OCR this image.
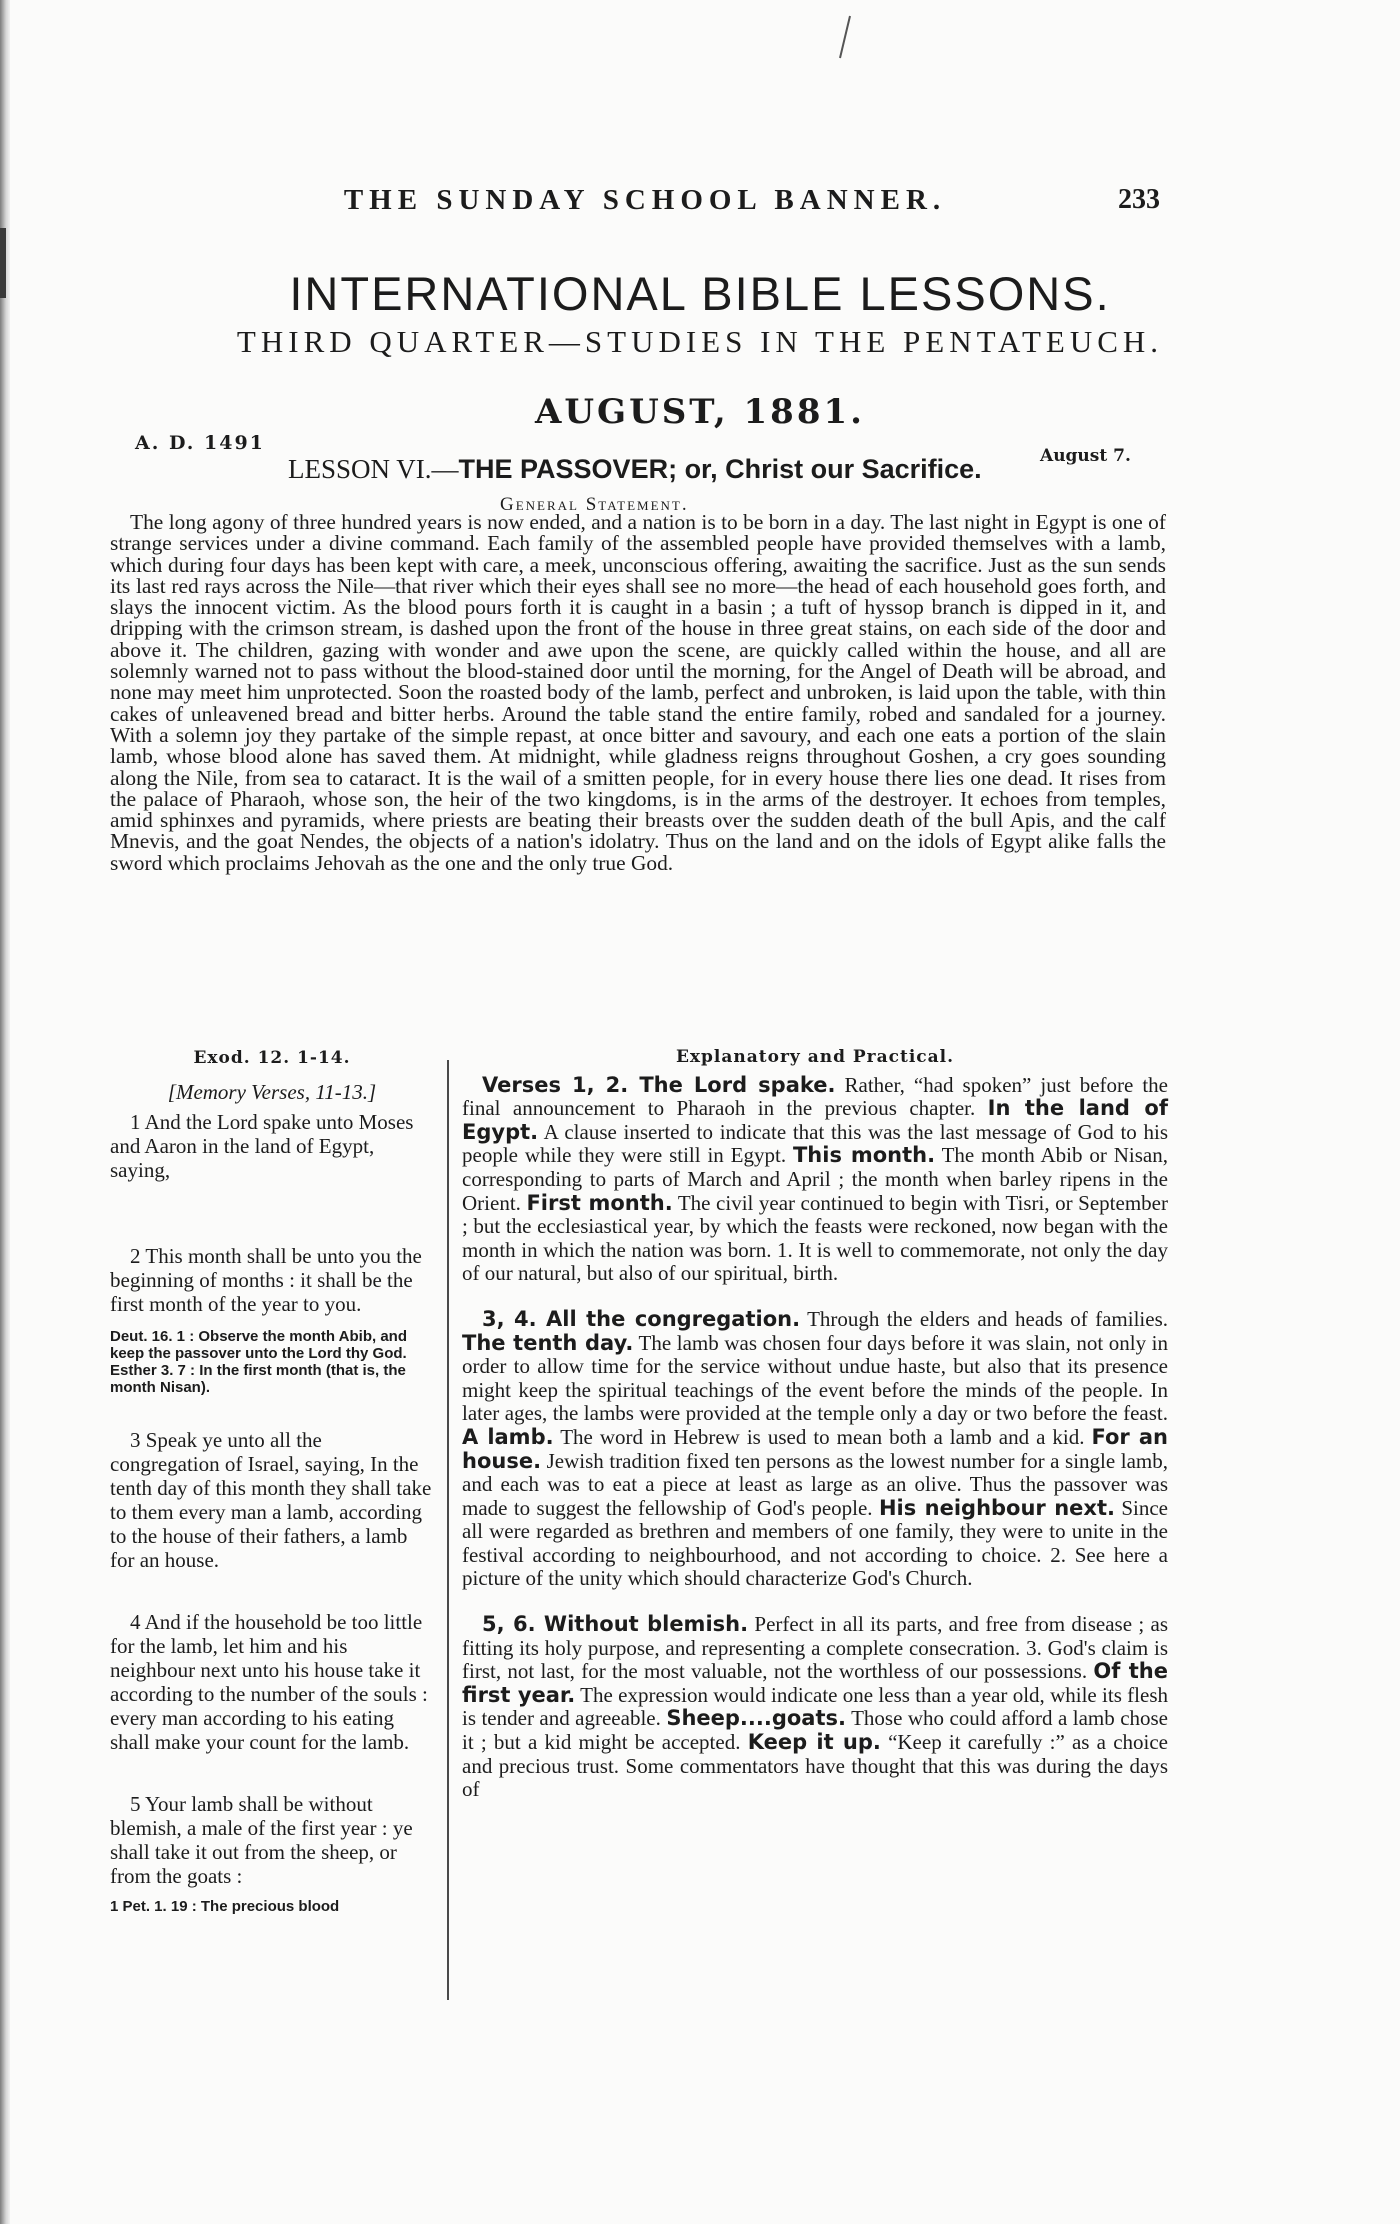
THE SUNDAY SCHOOL BANNER.	233
INTERNATIONAL BIBLE LESSONS.
THIRD QUARTER—STUDIES IN THE PENTATEUCH.
AUGUST, 1881.
A. D. 1491
August 7.
LESSON VI.—THE PASSOVER; or, Christ our Sacrifice.
General Statement.

The long agony of three hundred years is now ended, and a nation is to be born in a day. The last night in Egypt is one of strange services under a divine command. Each family of the assembled people have provided themselves with a lamb, which during four days has been kept with care, a meek, unconscious offering, awaiting the sacrifice. Just as the sun sends its last red rays across the Nile—that river which their eyes shall see no more—the head of each household goes forth, and slays the innocent victim. As the blood pours forth it is caught in a basin ; a tuft of hyssop branch is dipped in it, and dripping with the crimson stream, is dashed upon the front of the house in three great stains, on each side of the door and above it. The children, gazing with wonder and awe upon the scene, are quickly called within the house, and all are solemnly warned not to pass without the blood-stained door until the morning, for the Angel of Death will be abroad, and none may meet him unprotected. Soon the roasted body of the lamb, perfect and unbroken, is laid upon the table, with thin cakes of unleavened bread and bitter herbs. Around the table stand the entire family, robed and sandaled for a journey. With a solemn joy they partake of the simple repast, at once bitter and savoury, and each one eats a portion of the slain lamb, whose blood alone has saved them. At midnight, while gladness reigns throughout Goshen, a cry goes sounding along the Nile, from sea to cataract. It is the wail of a smitten people, for in every house there lies one dead. It rises from the palace of Pharaoh, whose son, the heir of the two kingdoms, is in the arms of the destroyer. It echoes from temples, amid sphinxes and pyramids, where priests are beating their breasts over the sudden death of the bull Apis, and the calf Mnevis, and the goat Nendes, the objects of a nation's idolatry. Thus on the land and on the idols of Egypt alike falls the sword which proclaims Jehovah as the one and the only true God.

Exod. 12. 1-14.
[Memory Verses, 11-13.]

1 And the Lord spake unto Moses and Aaron in the land of Egypt, saying,

2 This month shall be unto you the beginning of months : it shall be the first month of the year to you.

Deut. 16. 1 : Observe the month Abib, and keep the passover unto the Lord thy God. Esther 3. 7 : In the first month (that is, the month Nisan).

3 Speak ye unto all the congregation of Israel, saying, In the tenth day of this month they shall take to them every man a lamb, according to the house of their fathers, a lamb for an house.

4 And if the household be too little for the lamb, let him and his neighbour next unto his house take it according to the number of the souls : every man according to his eating shall make your count for the lamb.

5 Your lamb shall be without blemish, a male of the first year : ye shall take it out from the sheep, or from the goats :

1 Pet. 1. 19 : The precious blood

Explanatory and Practical.

Verses 1, 2. The Lord spake. Rather, “had spoken” just before the final announcement to Pharaoh in the previous chapter. In the land of Egypt. A clause inserted to indicate that this was the last message of God to his people while they were still in Egypt. This month. The month Abib or Nisan, corresponding to parts of March and April ; the month when barley ripens in the Orient. First month. The civil year continued to begin with Tisri, or September ; but the ecclesiastical year, by which the feasts were reckoned, now began with the month in which the nation was born. 1. It is well to commemorate, not only the day of our natural, but also of our spiritual, birth.

3, 4. All the congregation. Through the elders and heads of families. The tenth day. The lamb was chosen four days before it was slain, not only in order to allow time for the service without undue haste, but also that its presence might keep the spiritual teachings of the event before the minds of the people. In later ages, the lambs were provided at the temple only a day or two before the feast. A lamb. The word in Hebrew is used to mean both a lamb and a kid. For an house. Jewish tradition fixed ten persons as the lowest number for a single lamb, and each was to eat a piece at least as large as an olive. Thus the passover was made to suggest the fellowship of God's people. His neighbour next. Since all were regarded as brethren and members of one family, they were to unite in the festival according to neighbourhood, and not according to choice. 2. See here a picture of the unity which should characterize God's Church.

5, 6. Without blemish. Perfect in all its parts, and free from disease ; as fitting its holy purpose, and representing a complete consecration. 3. God's claim is first, not last, for the most valuable, not the worthless of our possessions. Of the first year. The expression would indicate one less than a year old, while its flesh is tender and agreeable. Sheep....goats. Those who could afford a lamb chose it ; but a kid might be accepted. Keep it up. “Keep it carefully :” as a choice and precious trust. Some commentators have thought that this was during the days of
